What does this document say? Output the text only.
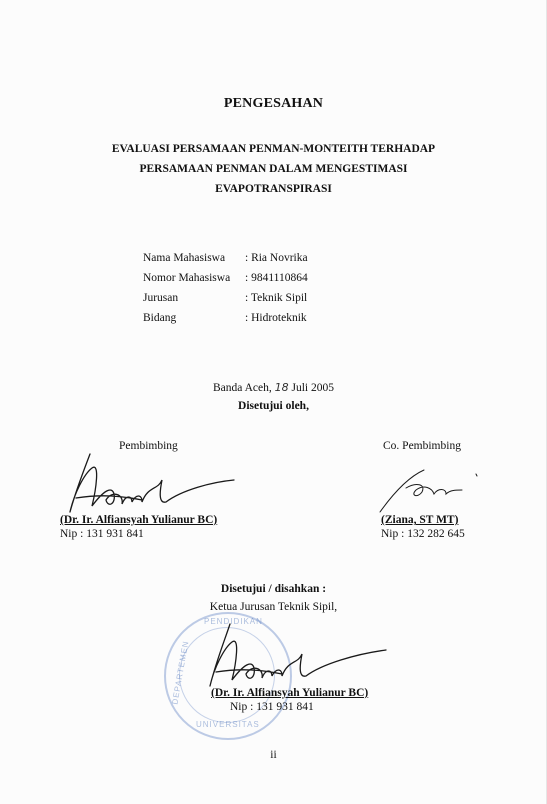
PENGESAHAN
EVALUASI PERSAMAAN PENMAN-MONTEITH TERHADAP
PERSAMAAN PENMAN DALAM MENGESTIMASI
EVAPOTRANSPIRASI
Nama Mahasiswa : Ria Novrika
Nomor Mahasiswa : 9841110864
Jurusan	: Teknik Sipil
Bidang	: Hidroteknik
Banda Aceh, 18 Juli 2005
Disetujui oleh,
Pembimbing
(Dr. Ir. Alfiansyah Yulianur BC)
Nip : 131 931 841
Co. Pembimbing
(Ziana, ST MT)
Nip : 132 282 645
Disetujui / disahkan :
Ketua Jurusan Teknik Sipil,
PENDIDIKAN
DEPARTEMEN
UNIVERSITAS
(Dr. Ir. Alfiansyah Yulianur BC)
Nip : 131 931 841
ii
